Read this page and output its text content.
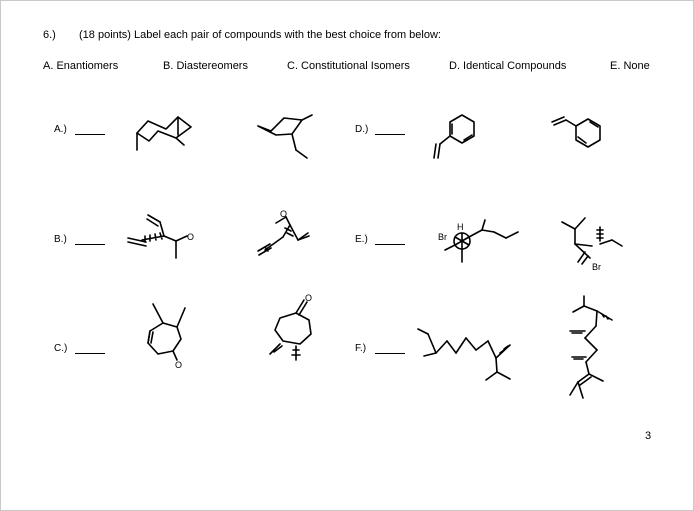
6.) (18 points) Label each pair of compounds with the best choice from below:
A. Enantiomers	B. Diastereomers	C. Constitutional Isomers	D. Identical Compounds	E. None
A.)
B.)
C.)
D.)
E.)
F.)
3
O
O
O
O
Br
H
Br
